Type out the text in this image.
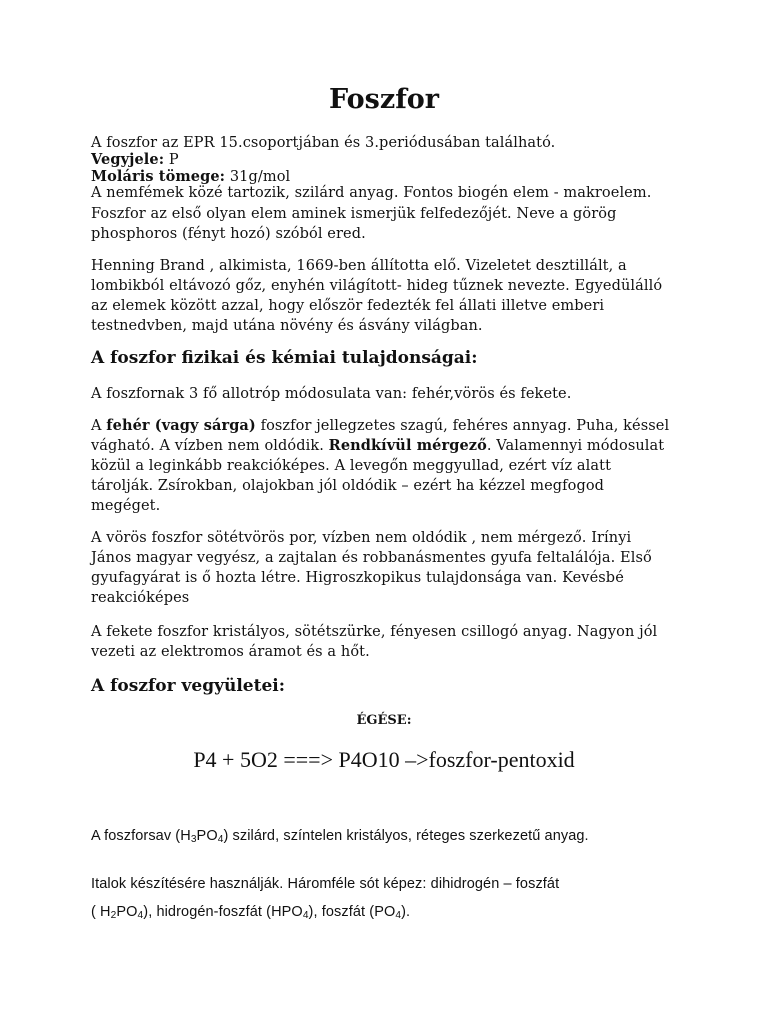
Foszfor

A foszfor az EPR 15.csoportjában és 3.periódusában található.

Vegyjele: P

Moláris tömege: 31g/mol

A nemfémek közé tartozik, szilárd anyag. Fontos biogén elem - makroelem.

Foszfor az első olyan elem aminek ismerjük felfedezőjét. Neve a görög

phosphoros (fényt hozó) szóból ered.

Henning Brand , alkimista, 1669-ben állította elő. Vizeletet desztillált, a

lombikból eltávozó gőz, enyhén világított- hideg tűznek nevezte. Egyedülálló

az elemek között azzal, hogy először fedezték fel állati illetve emberi

testnedvben, majd utána növény és ásvány világban.

A foszfor fizikai és kémiai tulajdonságai:

A foszfornak 3 fő allotróp módosulata van: fehér,vörös és fekete.

A fehér (vagy sárga) foszfor jellegzetes szagú, fehéres annyag. Puha, késsel

vágható. A vízben nem oldódik. Rendkívül mérgező. Valamennyi módosulat

közül a leginkább reakcióképes. A levegőn meggyullad, ezért víz alatt

tárolják. Zsírokban, olajokban jól oldódik – ezért ha kézzel megfogod

megéget.

A vörös foszfor sötétvörös por, vízben nem oldódik , nem mérgező. Irínyi

János magyar vegyész, a zajtalan és robbanásmentes gyufa feltalálója. Első

gyufagyárat is ő hozta létre. Higroszkopikus tulajdonsága van. Kevésbé

reakcióképes

A fekete foszfor kristályos, sötétszürke, fényesen csillogó anyag. Nagyon jól

vezeti az elektromos áramot és a hőt.

A foszfor vegyületei:

ÉGÉSE:

P4 + 5O2 ===> P4O10 –>foszfor-pentoxid

A foszforsav $(H_3PO_4)$ szilárd, színtelen kristályos, réteges szerkezetű anyag.

Italok készítésére használják. Háromféle sót képez: dihidrogén – foszfát

( $H_2PO_4$), hidrogén-foszfát $(HPO_4)$, foszfát $(PO_4)$.
